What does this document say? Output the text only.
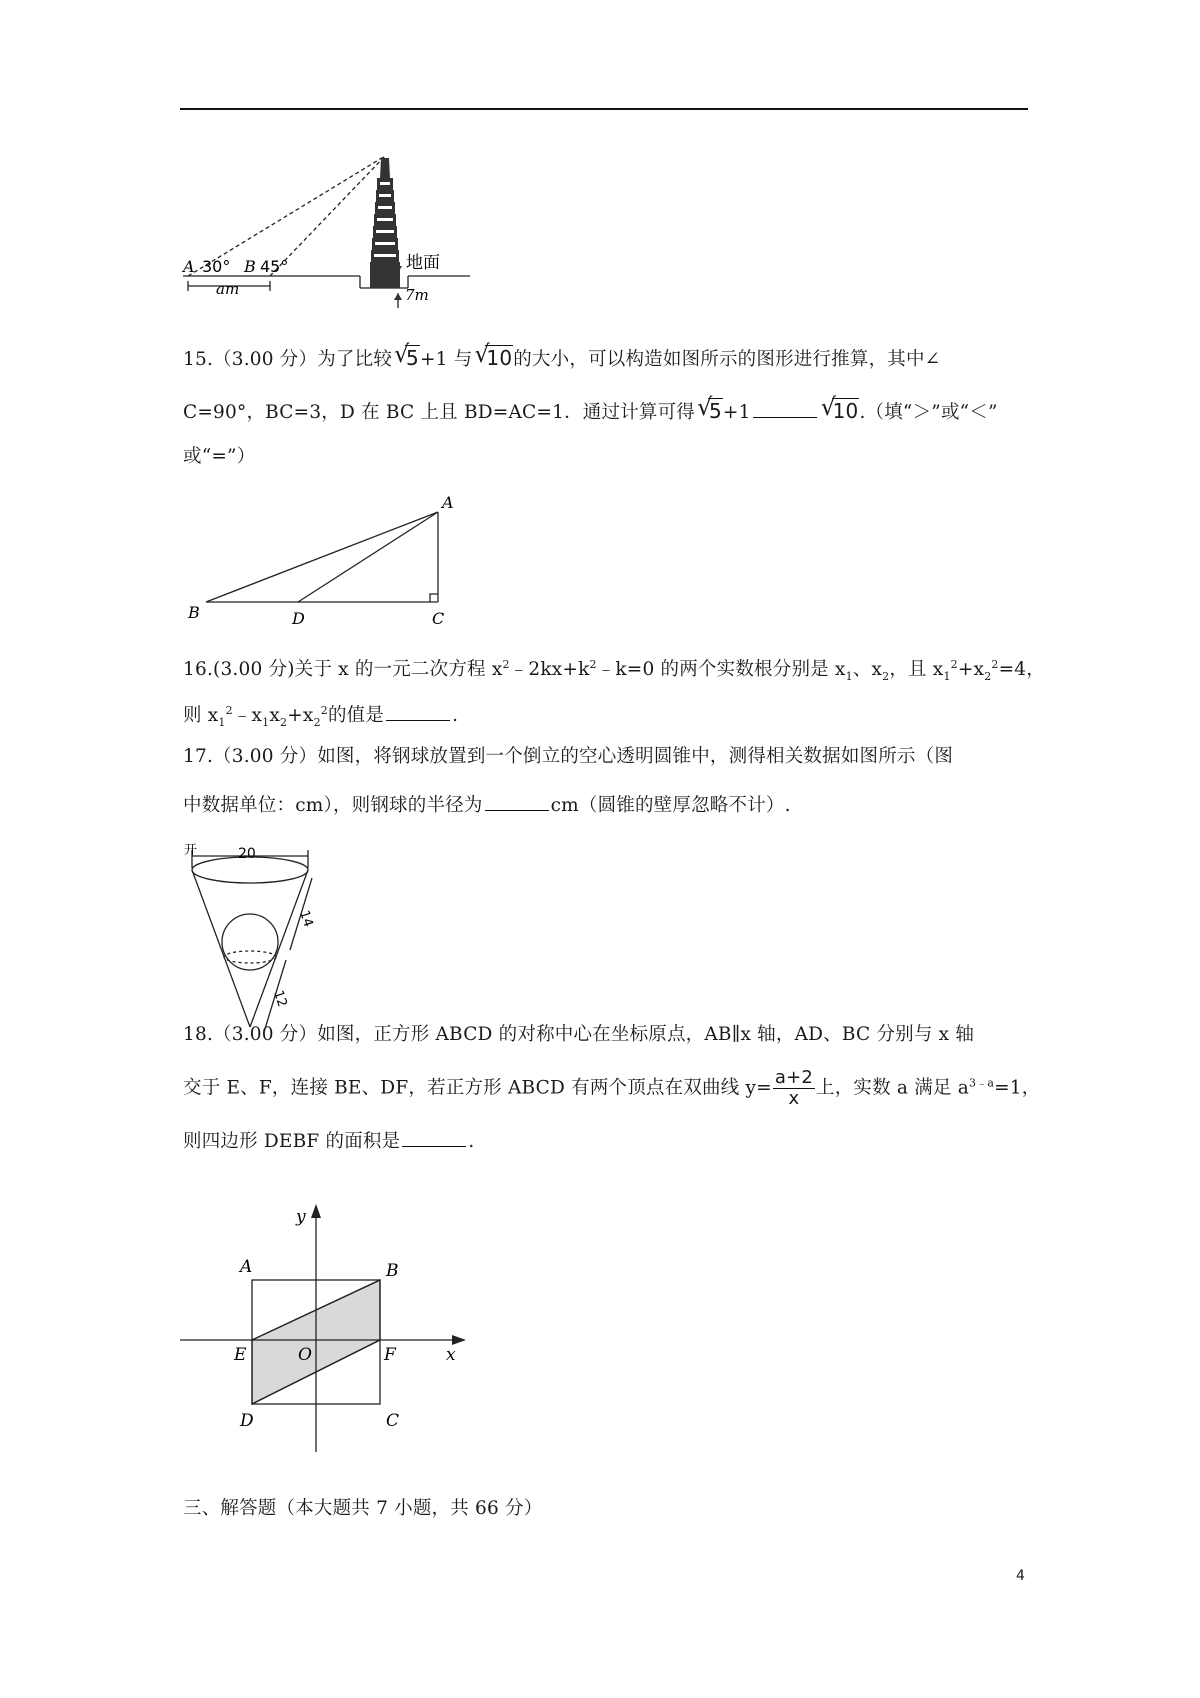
A 30° B 45°
am
地面
7m
15.（3.00 分）为了比较 √
5+1 与 √
10的大小，可以构造如图所示的图形进行推算，其中∠
C=90°，BC=3，D 在 BC 上且 BD=AC=1．通过计算可得 √
5+1	√
10.（填“＞”或“＜”
或“=”）
A
B	D	C
16.(3.00 分)关于 x 的一元二次方程 $x^2﹣2kx+k^2﹣k=0$ 的两个实数根分别是 $x_1$、$x_2$，且 $x_1^2+x_2^2=4$，
则 $x_1^2﹣x_1x_2+x_2^2$的值是	.
17.（3.00 分）如图，将钢球放置到一个倒立的空心透明圆锥中，测得相关数据如图所示（图
中数据单位：cm），则钢球的半径为	cm（圆锥的壁厚忽略不计）.
20
开
14
12
18.（3.00 分）如图，正方形 ABCD 的对称中心在坐标原点，AB∥x 轴，AD、BC 分别与 x 轴
交于 E、F，连接 BE、DF，若正方形 ABCD 有两个顶点在双曲线 $y= \frac{a+2}{x}$ 上，实数 a 满足 $a^{3﹣a}=1$，
则四边形 DEBF 的面积是	.
y
x
A	B
C
D
E	F
O
三、解答题（本大题共 7 小题，共 66 分）
4
